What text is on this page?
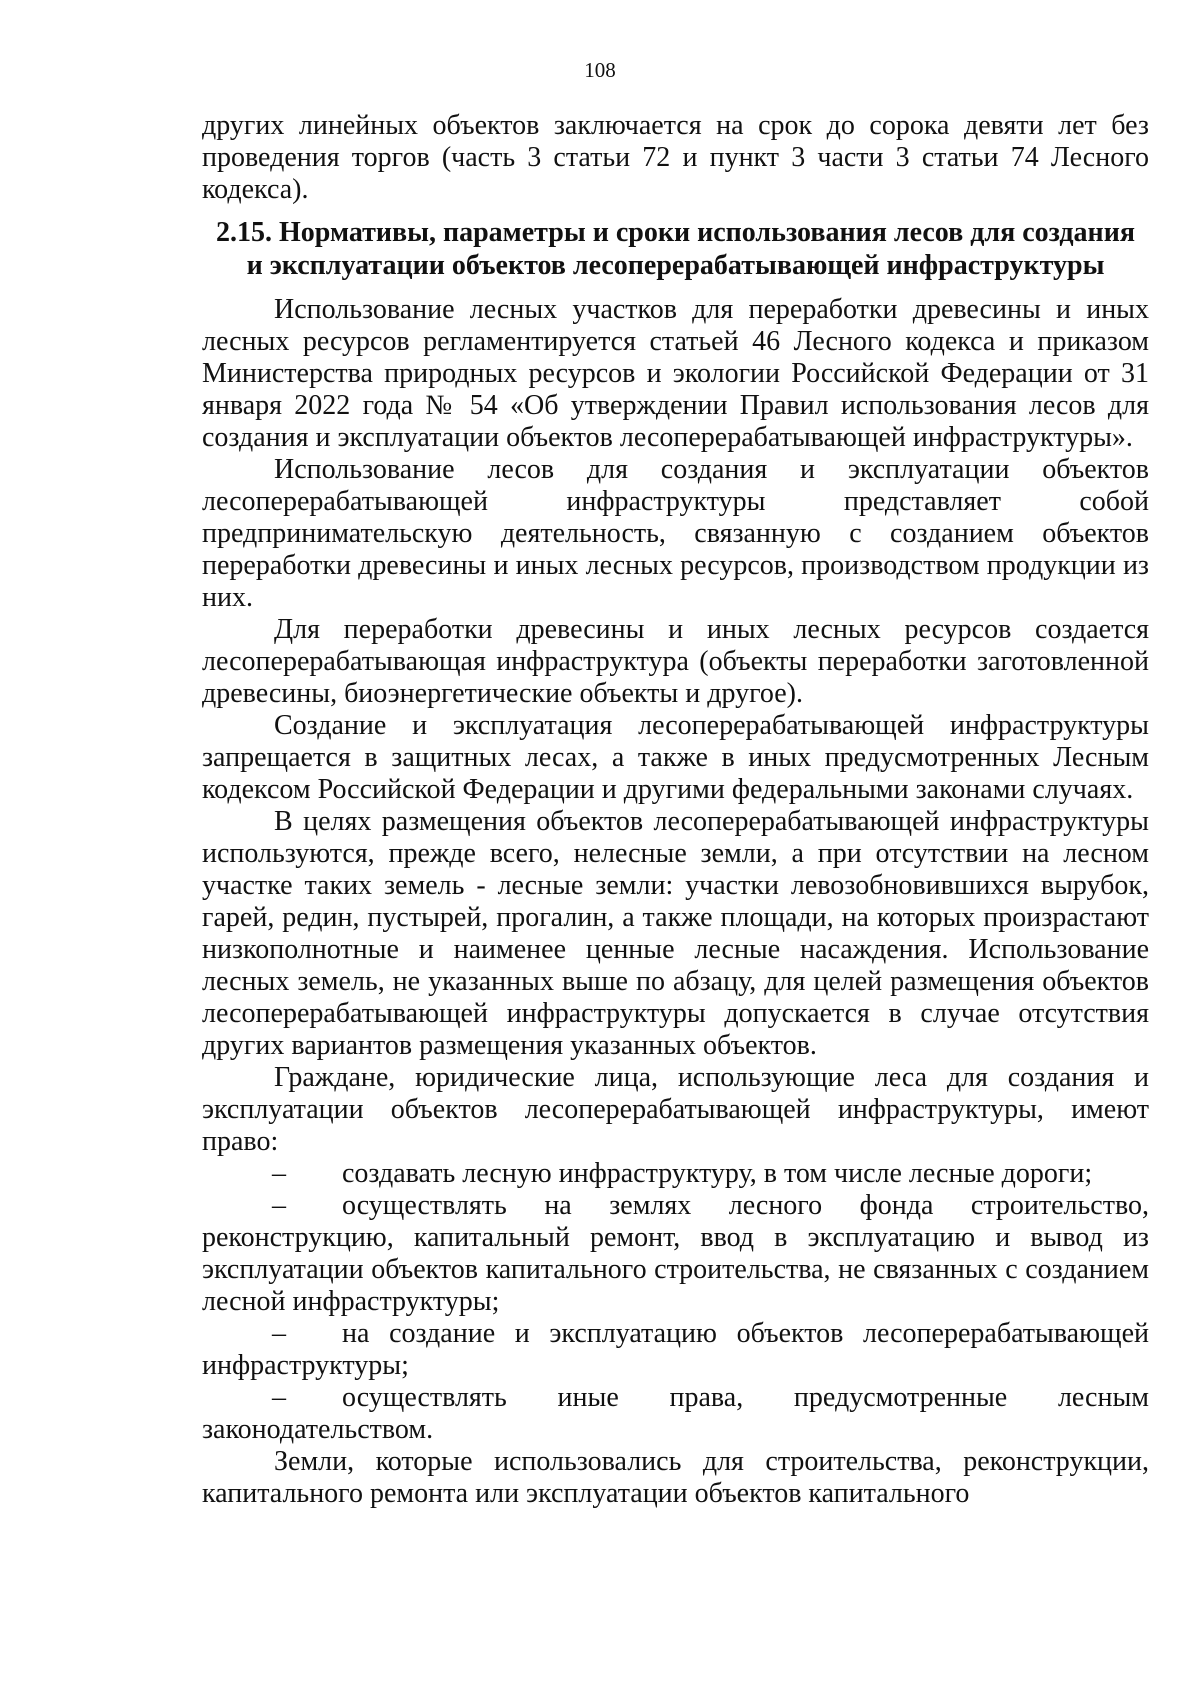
108

других линейных объектов заключается на срок до сорока девяти лет без проведения торгов (часть 3 статьи 72 и пункт 3 части 3 статьи 74 Лесного кодекса).

2.15. Нормативы, параметры и сроки использования лесов для создания
и эксплуатации объектов лесоперерабатывающей инфраструктуры

Использование лесных участков для переработки древесины и иных лесных ресурсов регламентируется статьей 46 Лесного кодекса и приказом Министерства природных ресурсов и экологии Российской Федерации от 31 января 2022 года № 54 «Об утверждении Правил использования лесов для создания и эксплуатации объектов лесоперерабатывающей инфраструктуры».

Использование лесов для создания и эксплуатации объектов лесоперерабатывающей инфраструктуры представляет собой предпринимательскую деятельность, связанную с созданием объектов переработки древесины и иных лесных ресурсов, производством продукции из них.

Для переработки древесины и иных лесных ресурсов создается лесоперерабатывающая инфраструктура (объекты переработки заготовленной древесины, биоэнергетические объекты и другое).

Создание и эксплуатация лесоперерабатывающей инфраструктуры запрещается в защитных лесах, а также в иных предусмотренных Лесным кодексом Российской Федерации и другими федеральными законами случаях.

В целях размещения объектов лесоперерабатывающей инфраструктуры используются, прежде всего, нелесные земли, а при отсутствии на лесном участке таких земель - лесные земли: участки левозобновившихся вырубок, гарей, редин, пустырей, прогалин, а также площади, на которых произрастают низкополнотные и наименее ценные лесные насаждения. Использование лесных земель, не указанных выше по абзацу, для целей размещения объектов лесоперерабатывающей инфраструктуры допускается в случае отсутствия других вариантов размещения указанных объектов.

Граждане, юридические лица, использующие леса для создания и эксплуатации объектов лесоперерабатывающей инфраструктуры, имеют право:

– создавать лесную инфраструктуру, в том числе лесные дороги;

– осуществлять на землях лесного фонда строительство, реконструкцию, капитальный ремонт, ввод в эксплуатацию и вывод из эксплуатации объектов капитального строительства, не связанных с созданием лесной инфраструктуры;

– на создание и эксплуатацию объектов лесоперерабатывающей инфраструктуры;

– осуществлять иные права, предусмотренные лесным законодательством.

Земли, которые использовались для строительства, реконструкции, капитального ремонта или эксплуатации объектов капитального
